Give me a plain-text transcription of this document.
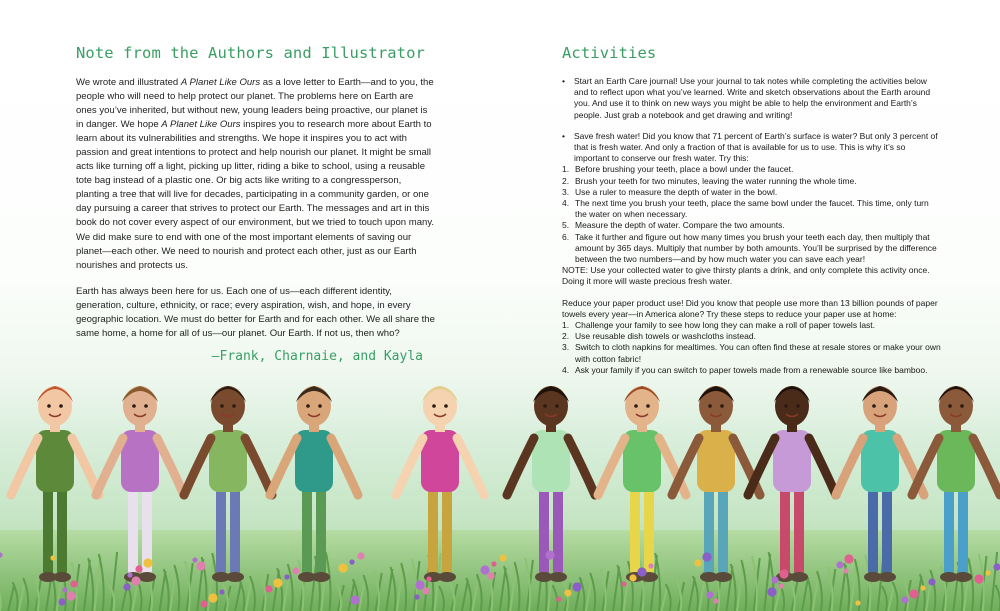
Note from the Authors and Illustrator

We wrote and illustrated A Planet Like Ours as a love letter to Earth—and to you, the people who will need to help protect our planet. The problems here on Earth are ones you’ve inherited, but without new, young leaders being proactive, our planet is in danger. We hope A Planet Like Ours inspires you to research more about Earth to learn about its vulnerabilities and strengths. We hope it inspires you to act with passion and great intentions to protect and help nourish our planet. It might be small acts like turning off a light, picking up litter, riding a bike to school, using a reusable tote bag instead of a plastic one. Or big acts like writing to a congressperson, planting a tree that will live for decades, participating in a community garden, or one day pursuing a career that strives to protect our Earth. The messages and art in this book do not cover every aspect of our environment, but we tried to touch upon many. We did make sure to end with one of the most important elements of saving our planet—each other. We need to nourish and protect each other, just as our Earth nourishes and protects us.

Earth has always been here for us. Each one of us—each different identity, generation, culture, ethnicity, or race; every aspiration, wish, and hope, in every geographic location. We must do better for Earth and for each other. We all share the same home, a home for all of us—our planet. Our Earth. If not us, then who?

—Frank, Charnaie, and Kayla
Activities
• Start an Earth Care journal! Use your journal to tak notes while completing the activities below and to reflect upon what you’ve learned. Write and sketch observations about the Earth around you. And use it to think on new ways you might be able to help the environment and Earth’s people. Just grab a notebook and get drawing and writing!
• Save fresh water! Did you know that 71 percent of Earth’s surface is water? But only 3 percent of that is fresh water. And only a fraction of that is available for us to use. This is why it’s so important to conserve our fresh water. Try this:
1. Before brushing your teeth, place a bowl under the faucet.
2. Brush your teeth for two minutes, leaving the water running the whole time.
3. Use a ruler to measure the depth of water in the bowl.
4. The next time you brush your teeth, place the same bowl under the faucet. This time, only turn the water on when necessary.
5. Measure the depth of water. Compare the two amounts.
6. Take it further and figure out how many times you brush your teeth each day, then multiply that amount by 365 days. Multiply that number by both amounts. You’ll be surprised by the difference between the two numbers—and by how much water you can save each year!
NOTE: Use your collected water to give thirsty plants a drink, and only complete this activity once. Doing it more will waste precious fresh water.
Reduce your paper product use! Did you know that people use more than 13 billion pounds of paper towels every year—in America alone? Try these steps to reduce your paper use at home:
1. Challenge your family to see how long they can make a roll of paper towels last.
2. Use reusable dish towels or washcloths instead.
3. Switch to cloth napkins for mealtimes. You can often find these at resale stores or make your own with cotton fabric!
4. Ask your family if you can switch to paper towels made from a renewable source like bamboo.
